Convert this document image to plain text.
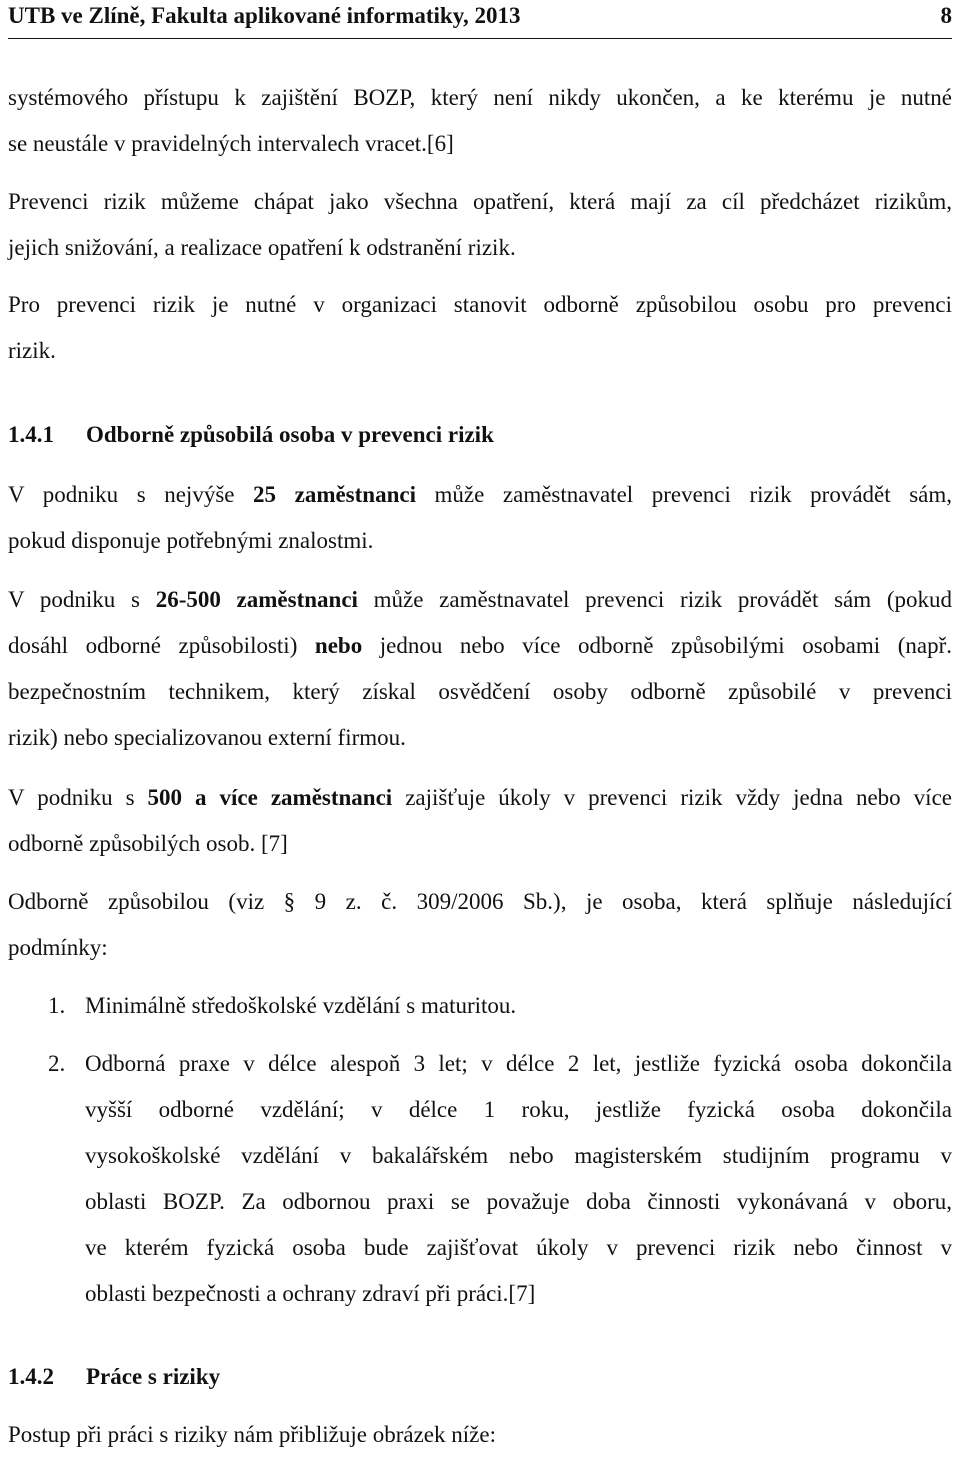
UTB ve Zlíně, Fakulta aplikované informatiky, 2013	8
systémového přístupu k zajištění BOZP, který není nikdy ukončen, a ke kterému je nutné
se neustále v pravidelných intervalech vracet.[6]
Prevenci rizik můžeme chápat jako všechna opatření, která mají za cíl předcházet rizikům,
jejich snižování, a realizace opatření k odstranění rizik.
Pro prevenci rizik je nutné v organizaci stanovit odborně způsobilou osobu pro prevenci
rizik.
1.4.1 Odborně způsobilá osoba v prevenci rizik
V podniku s nejvýše 25 zaměstnanci může zaměstnavatel prevenci rizik provádět sám,
pokud disponuje potřebnými znalostmi.
V podniku s 26-500 zaměstnanci může zaměstnavatel prevenci rizik provádět sám (pokud
dosáhl odborné způsobilosti) nebo jednou nebo více odborně způsobilými osobami (např.
bezpečnostním technikem, který získal osvědčení osoby odborně způsobilé v prevenci
rizik) nebo specializovanou externí firmou.
V podniku s 500 a více zaměstnanci zajišťuje úkoly v prevenci rizik vždy jedna nebo více
odborně způsobilých osob. [7]
Odborně způsobilou (viz § 9 z. č. 309/2006 Sb.), je osoba, která splňuje následující
podmínky:
1. Minimálně středoškolské vzdělání s maturitou.
2. Odborná praxe v délce alespoň 3 let; v délce 2 let, jestliže fyzická osoba dokončila
vyšší odborné vzdělání; v délce 1 roku, jestliže fyzická osoba dokončila
vysokoškolské vzdělání v bakalářském nebo magisterském studijním programu v
oblasti BOZP. Za odbornou praxi se považuje doba činnosti vykonávaná v oboru,
ve kterém fyzická osoba bude zajišťovat úkoly v prevenci rizik nebo činnost v
oblasti bezpečnosti a ochrany zdraví při práci.[7]
1.4.2 Práce s riziky
Postup při práci s riziky nám přibližuje obrázek níže:
